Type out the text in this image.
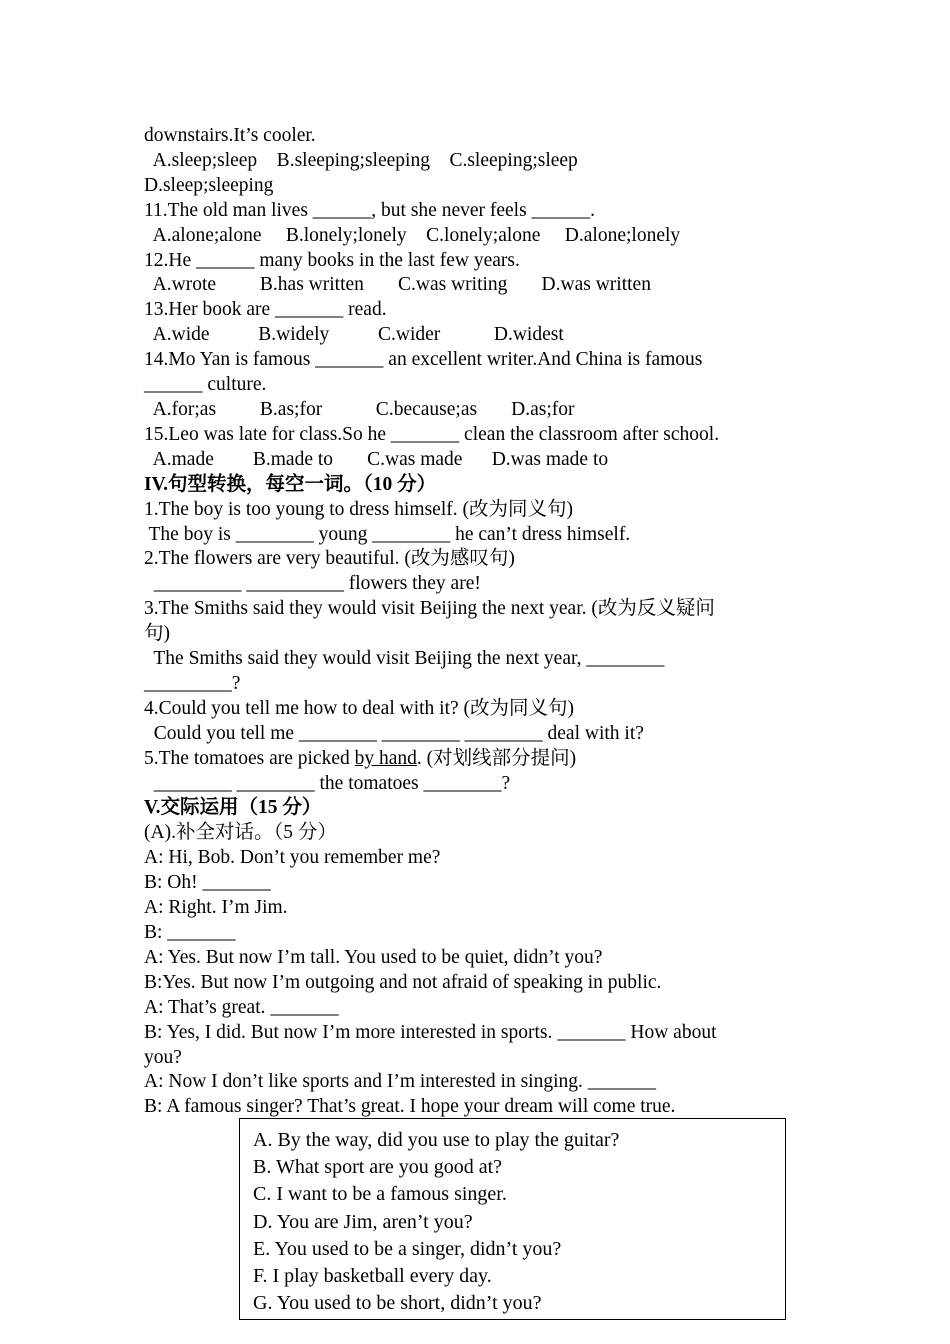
downstairs.It’s cooler.
A.sleep;sleep    B.sleeping;sleeping    C.sleeping;sleep
D.sleep;sleeping
11.The old man lives ______, but she never feels ______.
A.alone;alone     B.lonely;lonely    C.lonely;alone     D.alone;lonely
12.He ______ many books in the last few years.
A.wrote         B.has written       C.was writing       D.was written
13.Her book are _______ read.
A.wide          B.widely          C.wider           D.widest
14.Mo Yan is famous _______ an excellent writer.And China is famous
______ culture.
A.for;as         B.as;for           C.because;as       D.as;for
15.Leo was late for class.So he _______ clean the classroom after school.
A.made        B.made to       C.was made      D.was made to
IV.句型转换，每空一词。（10 分）
1.The boy is too young to dress himself. (改为同义句)
The boy is ________ young ________ he can’t dress himself.
2.The flowers are very beautiful. (改为感叹句)
_________ __________ flowers they are!
3.The Smiths said they would visit Beijing the next year. (改为反义疑问
句)
The Smiths said they would visit Beijing the next year, ________
_________?
4.Could you tell me how to deal with it? (改为同义句)
Could you tell me ________ ________ ________ deal with it?
5.The tomatoes are picked by hand. (对划线部分提问)
________ ________ the tomatoes ________?
V.交际运用（15 分）
(A).补全对话。（5 分）
A: Hi, Bob. Don’t you remember me?
B: Oh! _______
A: Right. I’m Jim.
B: _______
A: Yes. But now I’m tall. You used to be quiet, didn’t you?
B:Yes. But now I’m outgoing and not afraid of speaking in public.
A: That’s great. _______
B: Yes, I did. But now I’m more interested in sports. _______ How about
you?
A: Now I don’t like sports and I’m interested in singing. _______
B: A famous singer? That’s great. I hope your dream will come true.
A. By the way, did you use to play the guitar?
B. What sport are you good at?
C. I want to be a famous singer.
D. You are Jim, aren’t you?
E. You used to be a singer, didn’t you?
F. I play basketball every day.
G. You used to be short, didn’t you?
